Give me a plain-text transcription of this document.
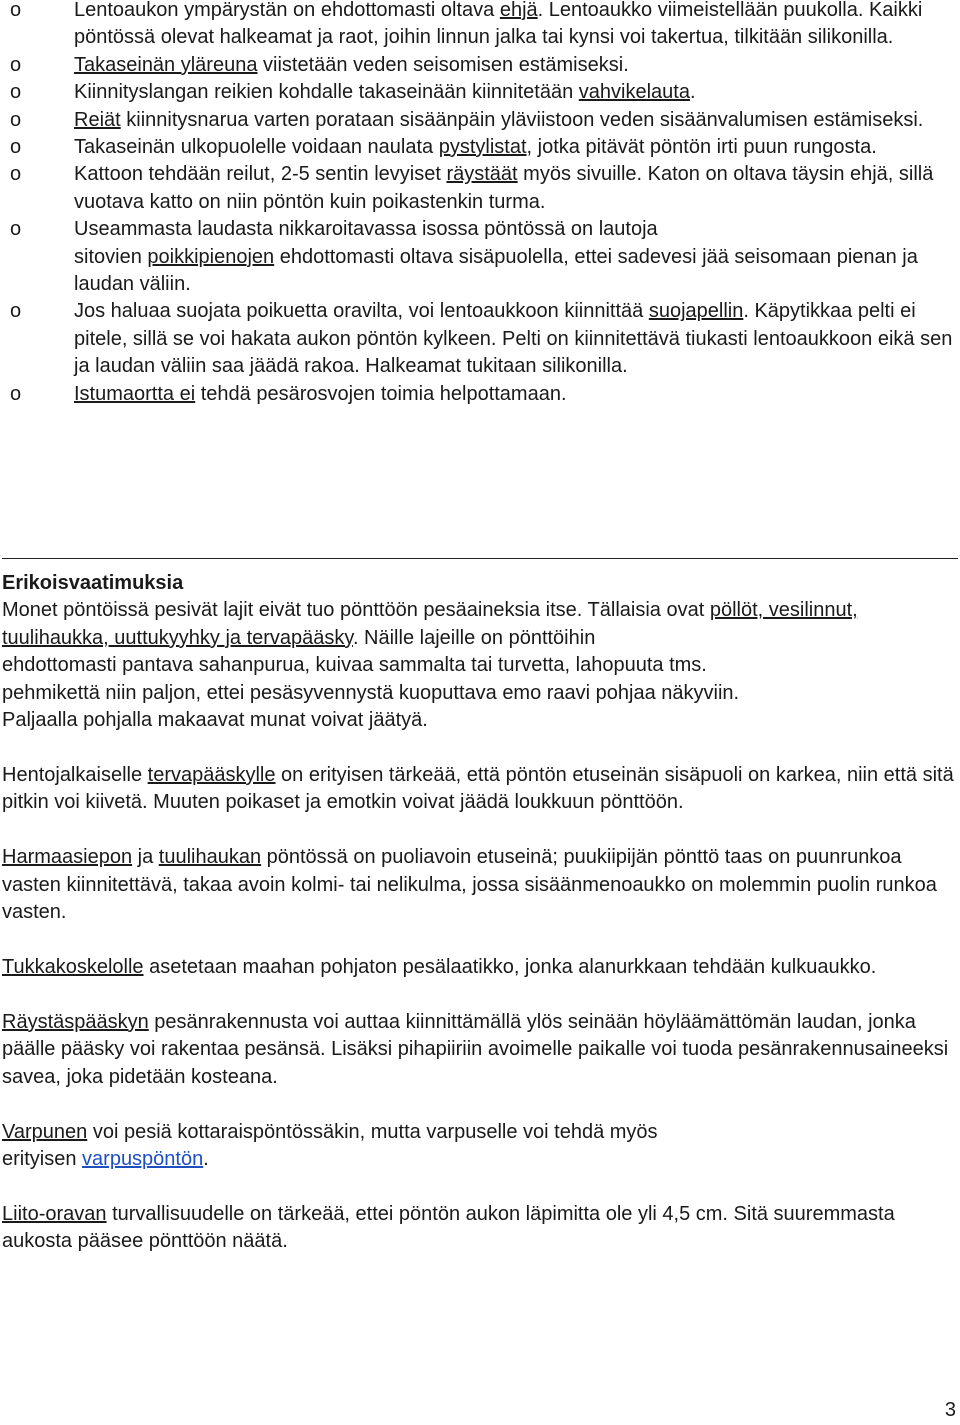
o	Lentoaukon ympärystän on ehdottomasti oltava ehjä. Lentoaukko viimeistellään puukolla. Kaikki pöntössä olevat halkeamat ja raot, joihin linnun jalka tai kynsi voi takertua, tilkitään silikonilla.
o	Takaseinän yläreuna viistetään veden seisomisen estämiseksi.
o	Kiinnityslangan reikien kohdalle takaseinään kiinnitetään vahvikelauta.
o	Reiät kiinnitysnarua varten porataan sisäänpäin yläviistoon veden sisäänvalumisen estämiseksi.
o	Takaseinän ulkopuolelle voidaan naulata pystylistat, jotka pitävät pöntön irti puun rungosta.
o	Kattoon tehdään reilut, 2-5 sentin levyiset räystäät myös sivuille. Katon on oltava täysin ehjä, sillä vuotava katto on niin pöntön kuin poikastenkin turma.
o	Useammasta laudasta nikkaroitavassa isossa pöntössä on lautoja
sitovien poikkipienojen ehdottomasti oltava sisäpuolella, ettei sadevesi jää seisomaan pienan ja laudan väliin.
o	Jos haluaa suojata poikuetta oravilta, voi lentoaukkoon kiinnittää suojapellin. Käpytikkaa pelti ei pitele, sillä se voi hakata aukon pöntön kylkeen. Pelti on kiinnitettävä tiukasti lentoaukkoon eikä sen ja laudan väliin saa jäädä rakoa. Halkeamat tukitaan silikonilla.
o	Istumaortta ei tehdä pesärosvojen toimia helpottamaan.
Erikoisvaatimuksia

Monet pöntöissä pesivät lajit eivät tuo pönttöön pesäaineksia itse. Tällaisia ovat pöllöt, vesilinnut, tuulihaukka, uuttukyyhky ja tervapääsky. Näille lajeille on pönttöihin
ehdottomasti pantava sahanpurua, kuivaa sammalta tai turvetta, lahopuuta tms.
pehmikettä niin paljon, ettei pesäsyvennystä kuoputtava emo raavi pohjaa näkyviin.
Paljaalla pohjalla makaavat munat voivat jäätyä.

Hentojalkaiselle tervapääskylle on erityisen tärkeää, että pöntön etuseinän sisäpuoli on karkea, niin että sitä pitkin voi kiivetä. Muuten poikaset ja emotkin voivat jäädä loukkuun pönttöön.

Harmaasiepon ja tuulihaukan pöntössä on puoliavoin etuseinä; puukiipijän pönttö taas on puunrunkoa vasten kiinnitettävä, takaa avoin kolmi- tai nelikulma, jossa sisäänmenoaukko on molemmin puolin runkoa vasten.

Tukkakoskelolle asetetaan maahan pohjaton pesälaatikko, jonka alanurkkaan tehdään kulkuaukko.

Räystäspääskyn pesänrakennusta voi auttaa kiinnittämällä ylös seinään höyläämättömän laudan, jonka päälle pääsky voi rakentaa pesänsä. Lisäksi pihapiiriin avoimelle paikalle voi tuoda pesänrakennusaineeksi savea, joka pidetään kosteana.

Varpunen voi pesiä kottaraispöntössäkin, mutta varpuselle voi tehdä myös
erityisen varpuspöntön.

Liito-oravan turvallisuudelle on tärkeää, ettei pöntön aukon läpimitta ole yli 4,5 cm. Sitä suuremmasta aukosta pääsee pönttöön näätä.

3
